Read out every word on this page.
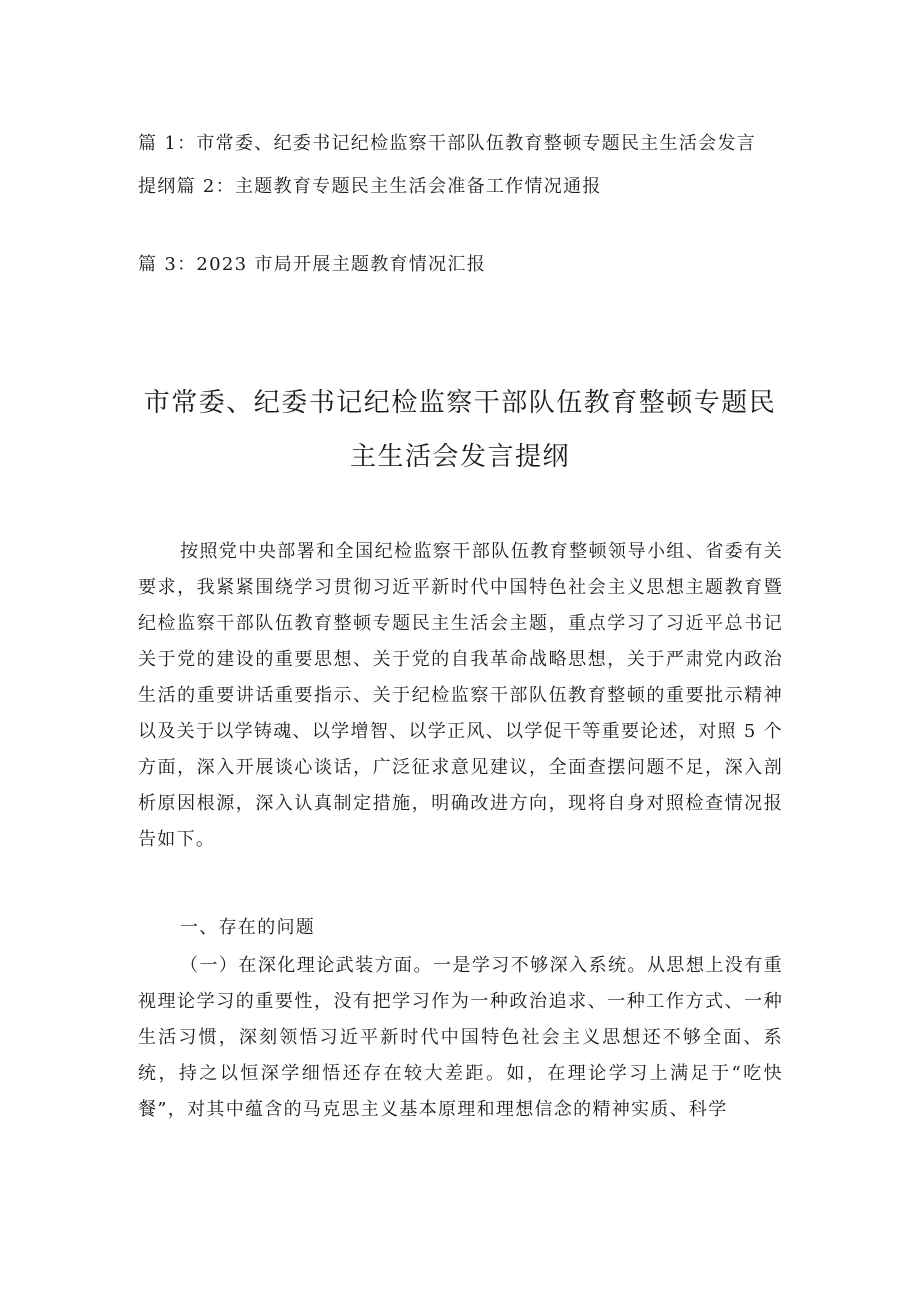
篇 1：市常委、纪委书记纪检监察干部队伍教育整顿专题民主生活会发言
提纲篇 2：主题教育专题民主生活会准备工作情况通报
篇 3：2023 市局开展主题教育情况汇报
市常委、纪委书记纪检监察干部队伍教育整顿专题民
主生活会发言提纲
按照党中央部署和全国纪检监察干部队伍教育整顿领导小组、省委有关要求，我紧紧围绕学习贯彻习近平新时代中国特色社会主义思想主题教育暨纪检监察干部队伍教育整顿专题民主生活会主题，重点学习了习近平总书记关于党的建设的重要思想、关于党的自我革命战略思想，关于严肃党内政治生活的重要讲话重要指示、关于纪检监察干部队伍教育整顿的重要批示精神以及关于以学铸魂、以学增智、以学正风、以学促干等重要论述，对照 5 个方面，深入开展谈心谈话，广泛征求意见建议，全面查摆问题不足，深入剖析原因根源，深入认真制定措施，明确改进方向，现将自身对照检查情况报告如下。
一、存在的问题
（一）在深化理论武装方面。一是学习不够深入系统。从思想上没有重视理论学习的重要性，没有把学习作为一种政治追求、一种工作方式、一种生活习惯，深刻领悟习近平新时代中国特色社会主义思想还不够全面、系统，持之以恒深学细悟还存在较大差距。如，在理论学习上满足于“吃快餐”，对其中蕴含的马克思主义基本原理和理想信念的精神实质、科学
